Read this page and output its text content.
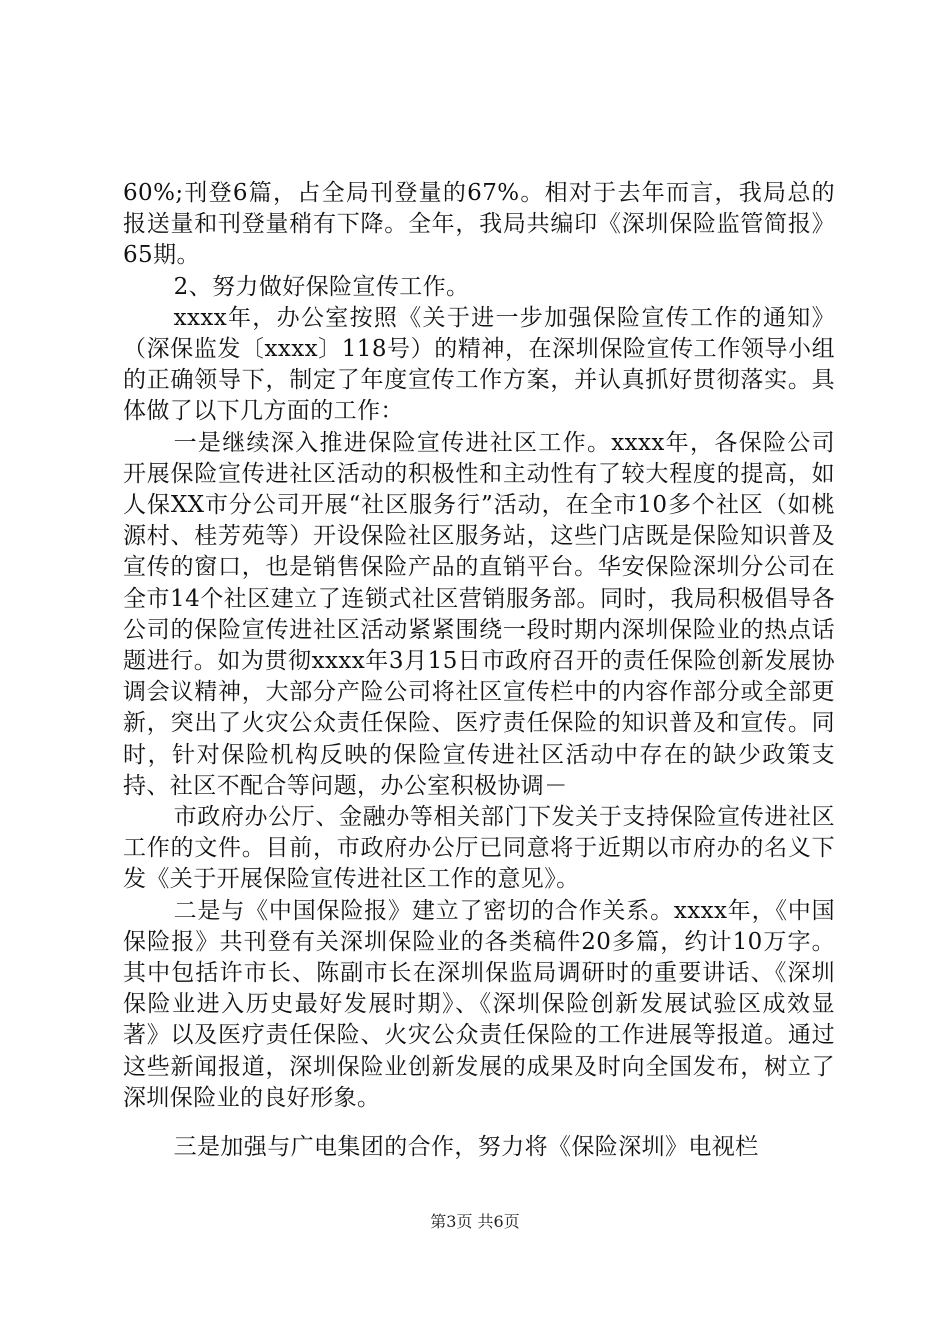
60%;刊登6篇，占全局刊登量的67%。相对于去年而言，我局总的报送量和刊登量稍有下降。全年，我局共编印《深圳保险监管简报》65期。

2、努力做好保险宣传工作。

xxxx年，办公室按照《关于进一步加强保险宣传工作的通知》（深保监发〔xxxx〕118号）的精神，在深圳保险宣传工作领导小组的正确领导下，制定了年度宣传工作方案，并认真抓好贯彻落实。具体做了以下几方面的工作：

一是继续深入推进保险宣传进社区工作。xxxx年，各保险公司开展保险宣传进社区活动的积极性和主动性有了较大程度的提高，如人保XX市分公司开展“社区服务行”活动，在全市10多个社区（如桃源村、桂芳苑等）开设保险社区服务站，这些门店既是保险知识普及宣传的窗口，也是销售保险产品的直销平台。华安保险深圳分公司在全市14个社区建立了连锁式社区营销服务部。同时，我局积极倡导各公司的保险宣传进社区活动紧紧围绕一段时期内深圳保险业的热点话题进行。如为贯彻xxxx年3月15日市政府召开的责任保险创新发展协调会议精神，大部分产险公司将社区宣传栏中的内容作部分或全部更新，突出了火灾公众责任保险、医疗责任保险的知识普及和宣传。同时，针对保险机构反映的保险宣传进社区活动中存在的缺少政策支持、社区不配合等问题，办公室积极协调－

市政府办公厅、金融办等相关部门下发关于支持保险宣传进社区工作的文件。目前，市政府办公厅已同意将于近期以市府办的名义下发《关于开展保险宣传进社区工作的意见》。

二是与《中国保险报》建立了密切的合作关系。xxxx年，《中国保险报》共刊登有关深圳保险业的各类稿件20多篇，约计10万字。其中包括许市长、陈副市长在深圳保监局调研时的重要讲话、《深圳保险业进入历史最好发展时期》、《深圳保险创新发展试验区成效显著》以及医疗责任保险、火灾公众责任保险的工作进展等报道。通过这些新闻报道，深圳保险业创新发展的成果及时向全国发布，树立了深圳保险业的良好形象。

三是加强与广电集团的合作，努力将《保险深圳》电视栏

第3页 共6页
